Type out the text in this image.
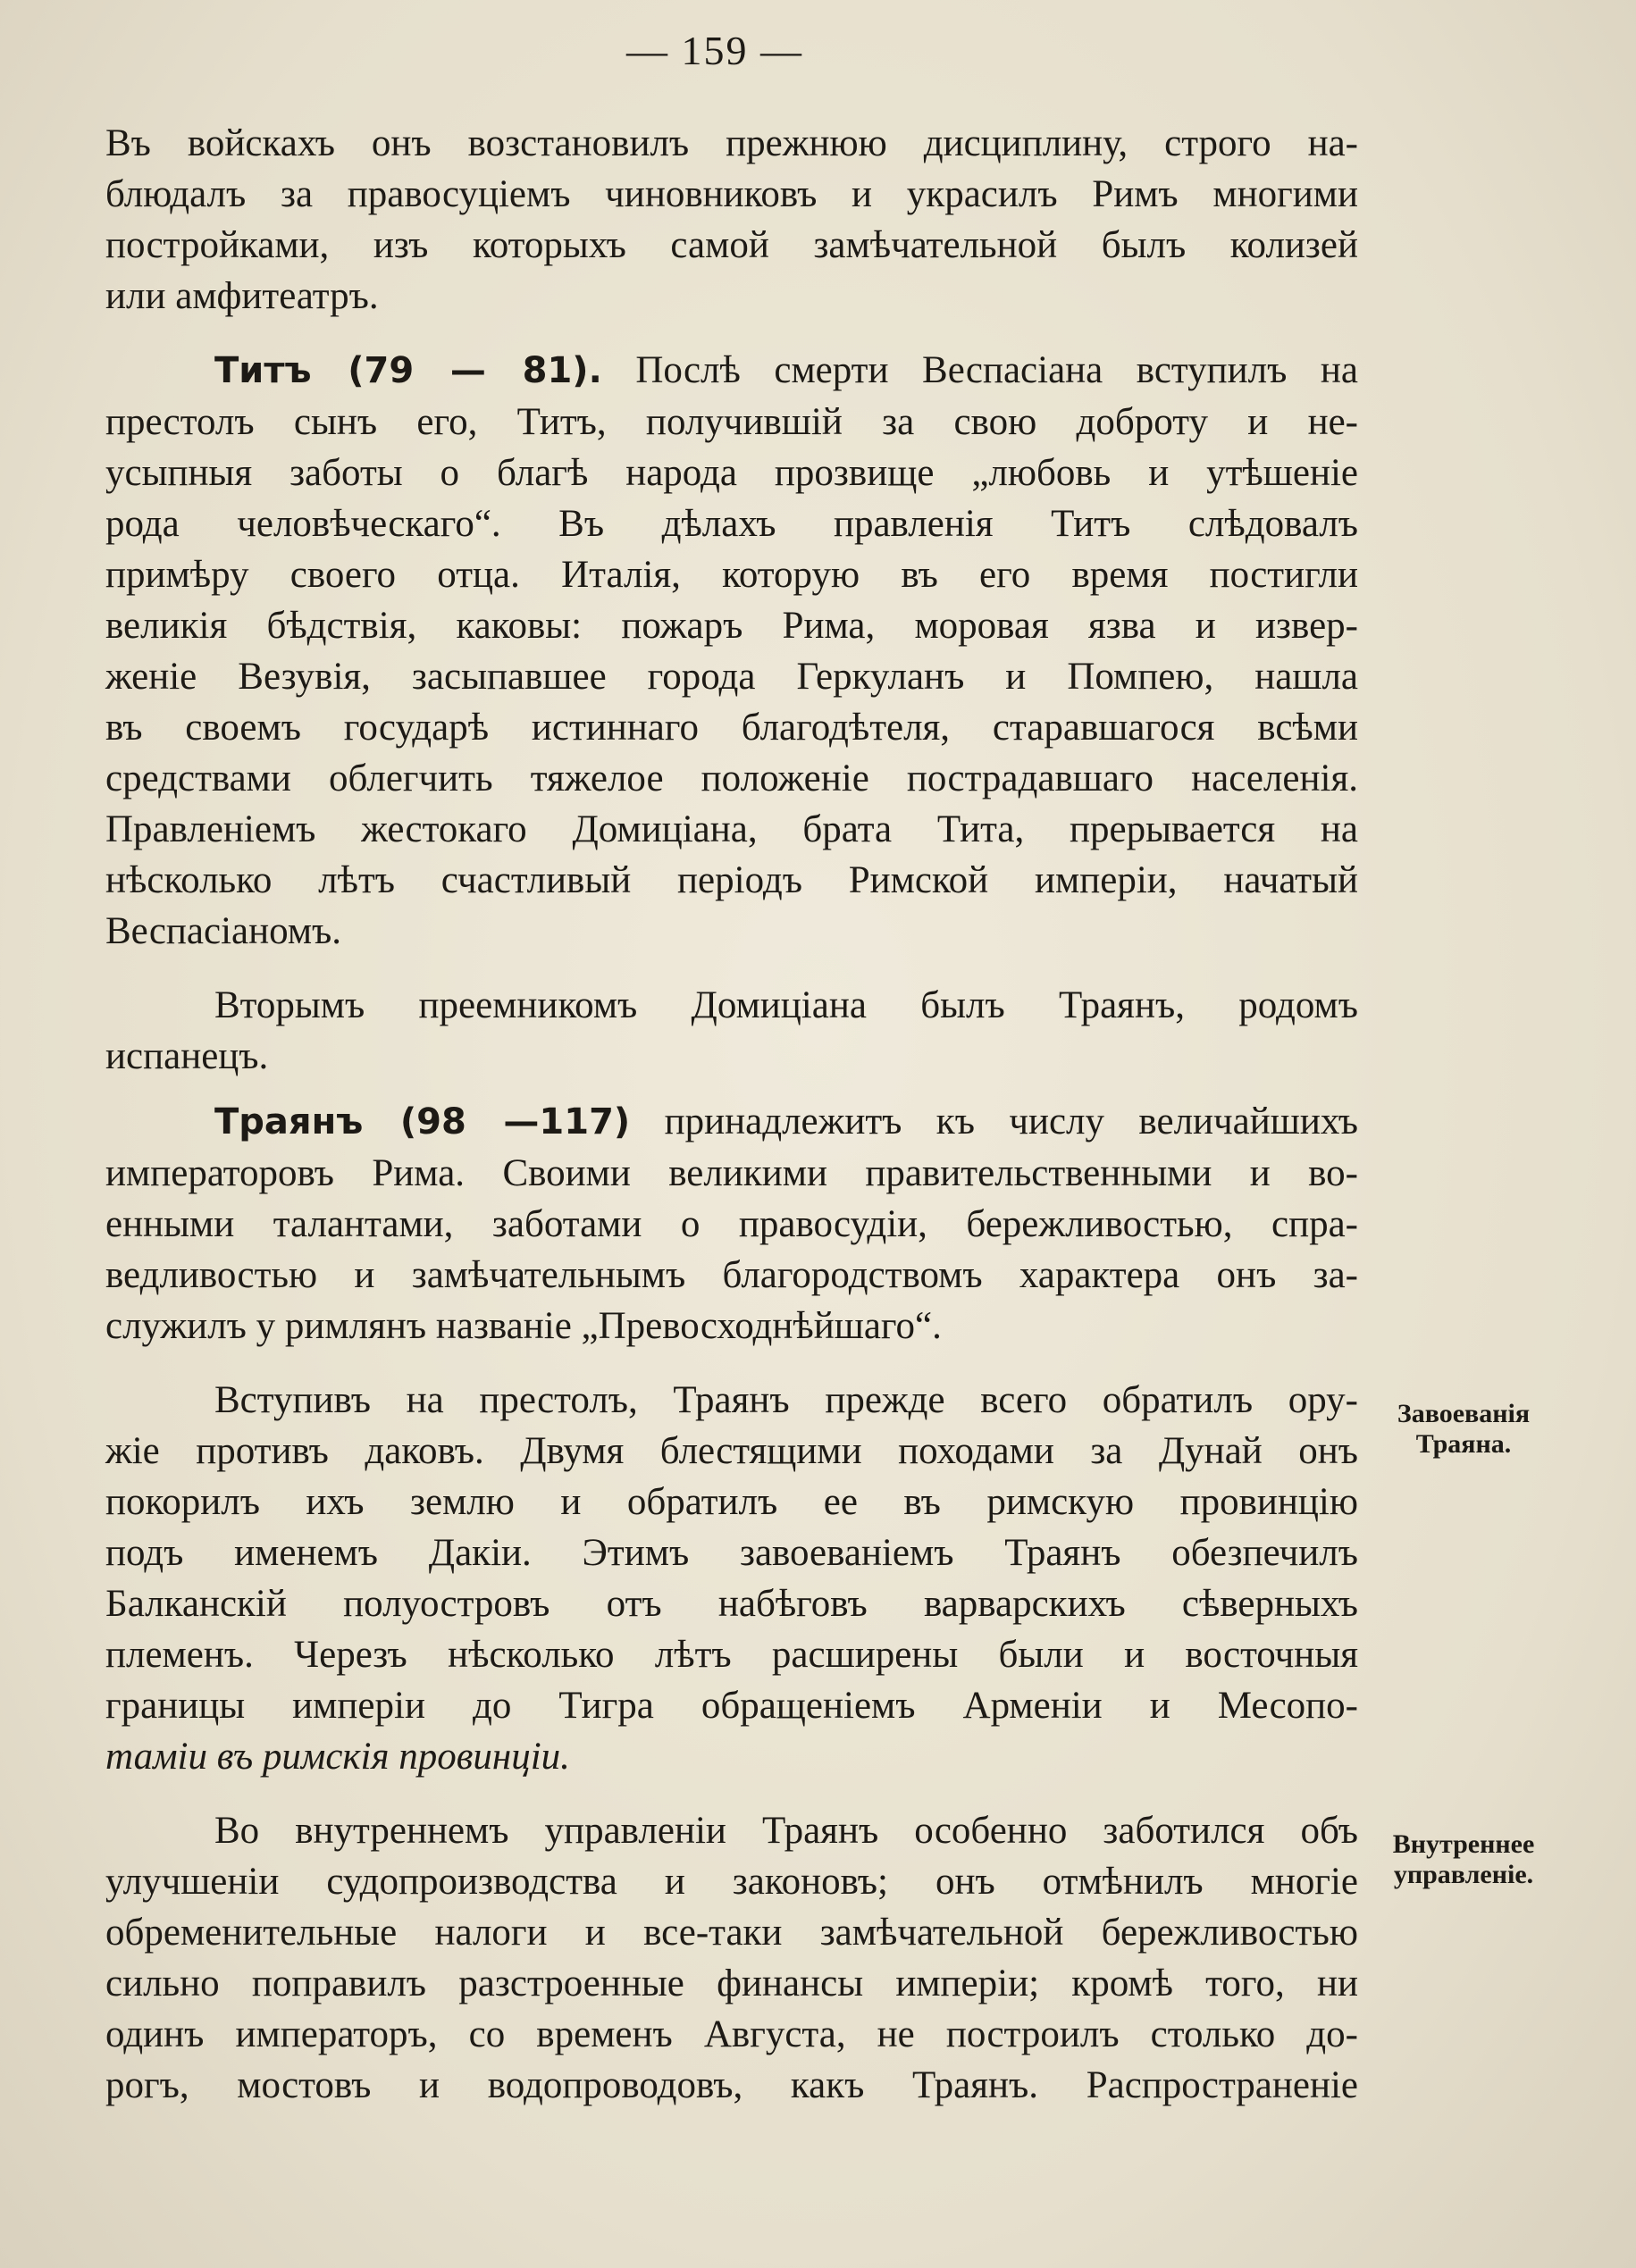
— 159 —
Въ войскахъ онъ возстановилъ прежнюю дисциплину, строго на-
блюдалъ за правосуцiемъ чиновниковъ и украсилъ Римъ многими
постройками, изъ которыхъ самой замѣчательной былъ колизей
или амфитеатръ.
Титъ (79 — 81). Послѣ смерти Веспасiана вступилъ на
престолъ сынъ его, Титъ, получившiй за свою доброту и не-
усыпныя заботы о благѣ народа прозвище „любовь и утѣшенiе
рода человѣческаго“. Въ дѣлахъ правленiя Титъ слѣдовалъ
примѣру своего отца. Италiя, которую въ его время постигли
великiя бѣдствiя, каковы: пожаръ Рима, моровая язва и извер-
женiе Везувiя, засыпавшее города Геркуланъ и Помпею, нашла
въ своемъ государѣ истиннаго благодѣтеля, старавшагося всѣми
средствами облегчить тяжелое положенiе пострадавшаго населенiя.
Правленiемъ жестокаго Домицiана, брата Тита, прерывается на
нѣсколько лѣтъ счастливый перiодъ Римской имперiи, начатый
Веспасiаномъ.
Вторымъ преемникомъ Домицiана былъ Траянъ, родомъ
испанецъ.
Траянъ (98 —117) принадлежитъ къ числу величайшихъ
императоровъ Рима. Своими великими правительственными и во-
енными талантами, заботами о правосудiи, бережливостью, спра-
ведливостью и замѣчательнымъ благородствомъ характера онъ за-
служилъ у римлянъ названiе „Превосходнѣйшаго“.
Вступивъ на престолъ, Траянъ прежде всего обратилъ ору-
жiе противъ даковъ. Двумя блестящими походами за Дунай онъ
покорилъ ихъ землю и обратилъ ее въ римскую провинцiю
подъ именемъ Дакiи. Этимъ завоеванiемъ Траянъ обезпечилъ
Балканскiй полуостровъ отъ набѣговъ варварскихъ сѣверныхъ
племенъ. Черезъ нѣсколько лѣтъ расширены были и восточныя
границы имперiи до Тигра обращенiемъ Арменiи и Месопо-
тамiи въ римскiя провинцiи.
Во внутреннемъ управленiи Траянъ особенно заботился объ
улучшенiи судопроизводства и законовъ; онъ отмѣнилъ многiе
обременительные налоги и все-таки замѣчательной бережливостью
сильно поправилъ разстроенные финансы имперiи; кромѣ того, ни
одинъ императоръ, со временъ Августа, не построилъ столько до-
рогъ, мостовъ и водопроводовъ, какъ Траянъ. Распространенiе
Завоеванiя Траяна.
Внутреннее управленiе.
